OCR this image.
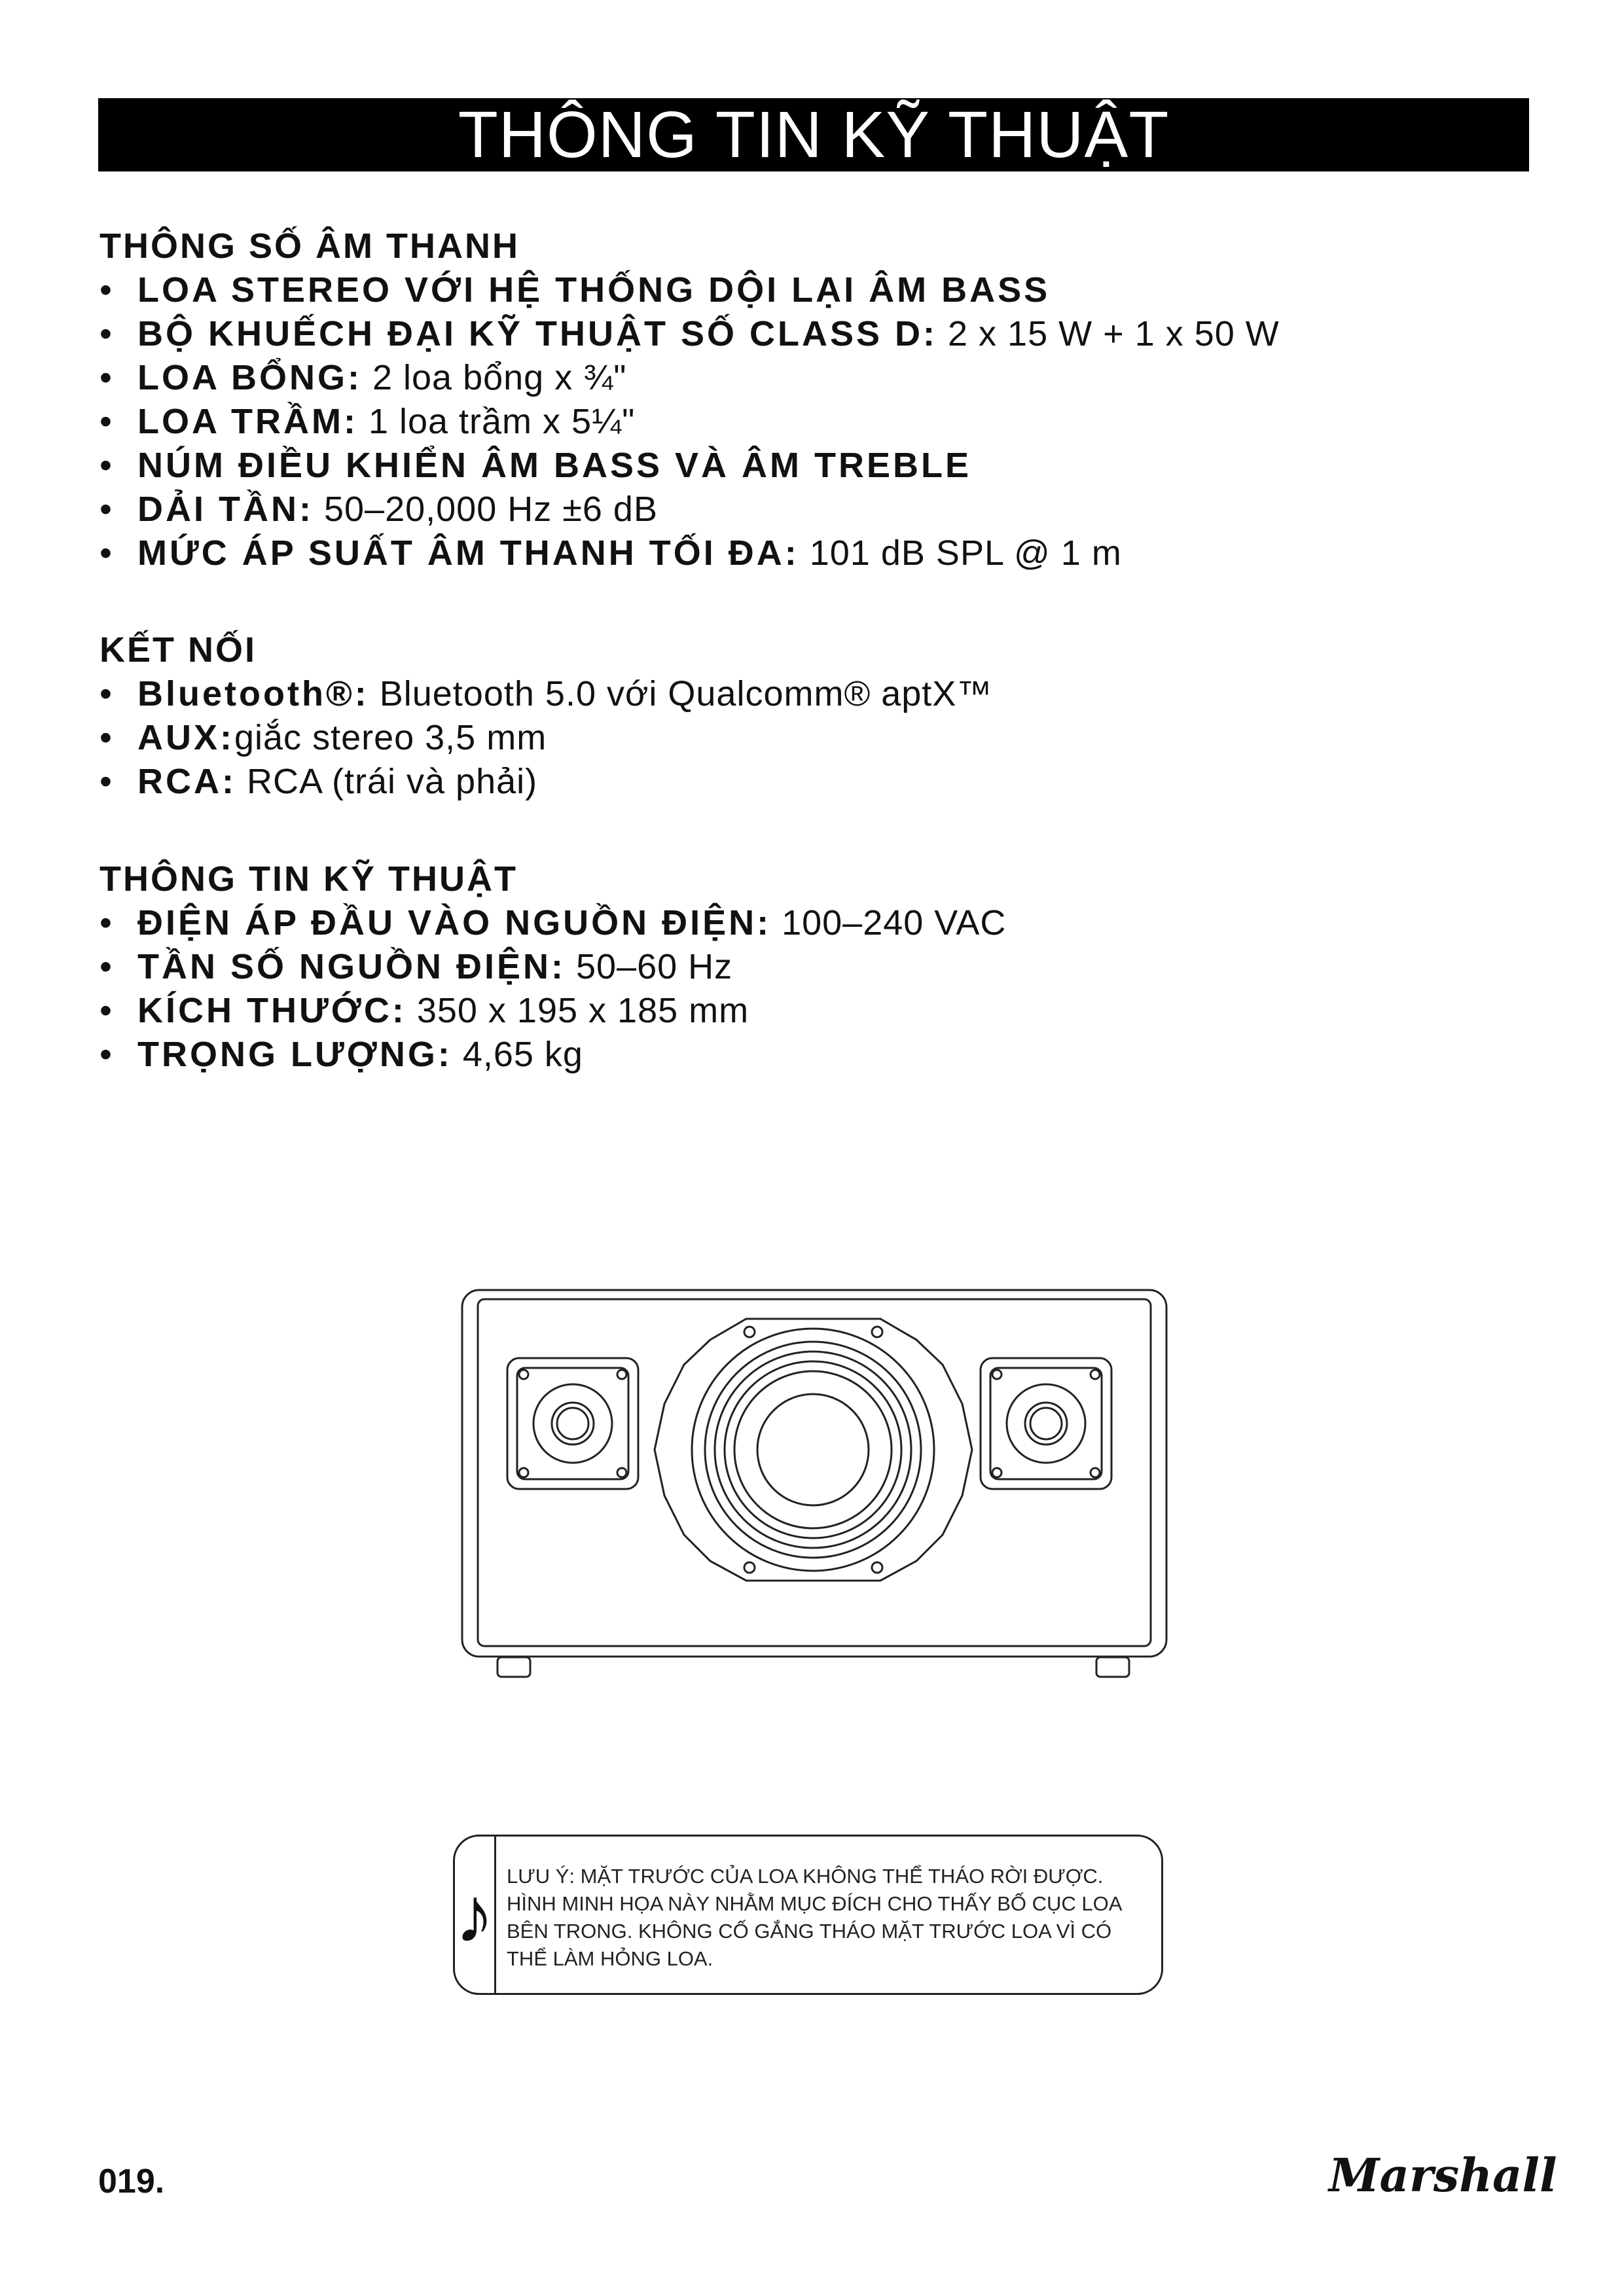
THÔNG TIN KỸ THUẬT
THÔNG SỐ ÂM THANH
• LOA STEREO VỚI HỆ THỐNG DỘI LẠI ÂM BASS
• BỘ KHUẾCH ĐẠI KỸ THUẬT SỐ CLASS D: 2 x 15 W + 1 x 50 W
• LOA BỔNG: 2 loa bổng x ¾"
• LOA TRẦM: 1 loa trầm x 5¼"
• NÚM ĐIỀU KHIỂN ÂM BASS VÀ ÂM TREBLE
• DẢI TẦN: 50–20,000 Hz ±6 dB
• MỨC ÁP SUẤT ÂM THANH TỐI ĐA: 101 dB SPL @ 1 m
KẾT NỐI
• Bluetooth®: Bluetooth 5.0 với Qualcomm® aptX™
• AUX:giắc stereo 3,5 mm
• RCA: RCA (trái và phải)
THÔNG TIN KỸ THUẬT
• ĐIỆN ÁP ĐẦU VÀO NGUỒN ĐIỆN: 100–240 VAC
• TẦN SỐ NGUỒN ĐIỆN: 50–60 Hz
• KÍCH THƯỚC: 350 x 195 x 185 mm
• TRỌNG LƯỢNG: 4,65 kg
♪ LƯU Ý: MẶT TRƯỚC CỦA LOA KHÔNG THỂ THÁO RỜI ĐƯỢC. HÌNH MINH HỌA NÀY NHẰM MỤC ĐÍCH CHO THẤY BỐ CỤC LOA BÊN TRONG. KHÔNG CỐ GẮNG THÁO MẶT TRƯỚC LOA VÌ CÓ THỂ LÀM HỎNG LOA.
019.	Marshall
